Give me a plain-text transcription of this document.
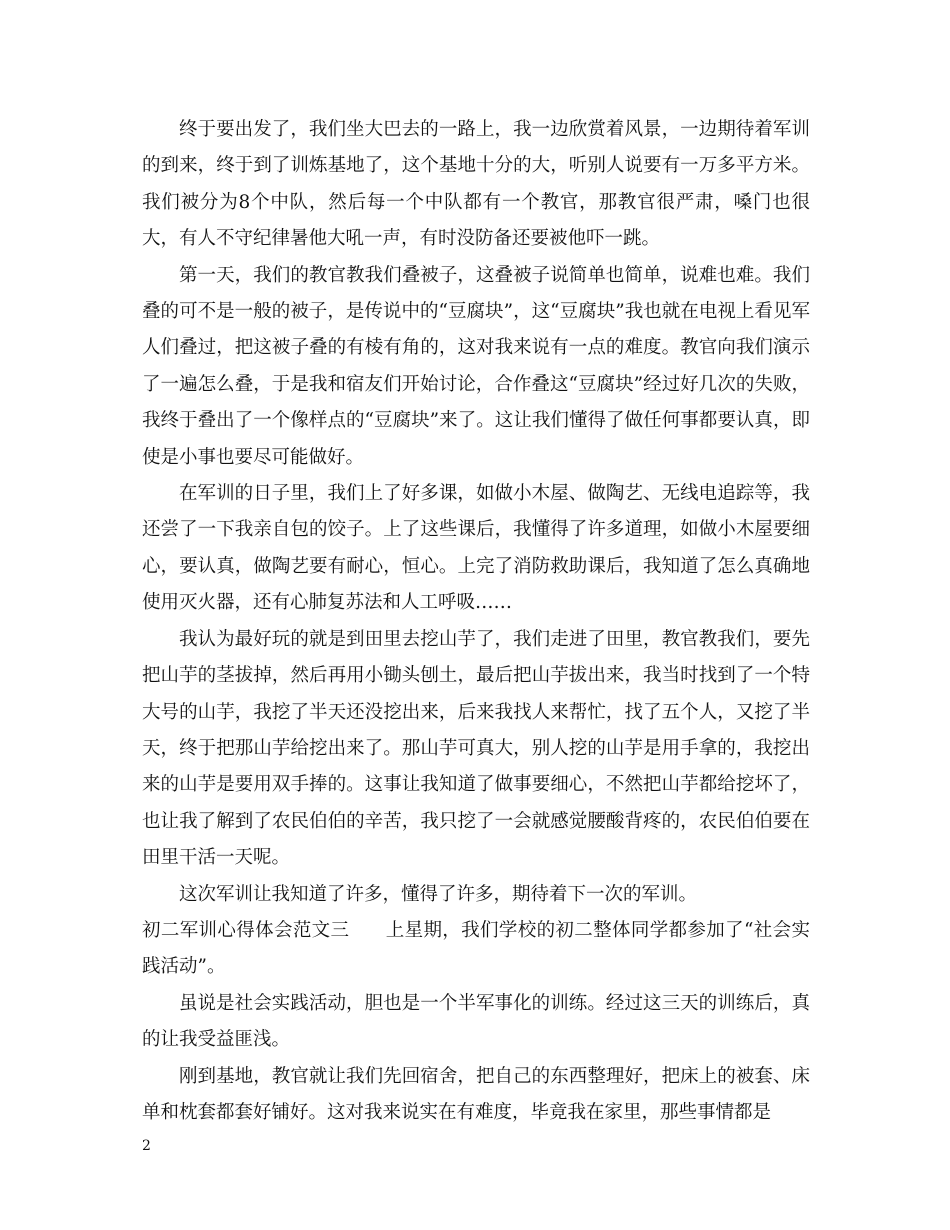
终于要出发了，我们坐大巴去的一路上，我一边欣赏着风景，一边期待着军训的到来，终于到了训炼基地了，这个基地十分的大，听别人说要有一万多平方米。我们被分为8个中队，然后每一个中队都有一个教官，那教官很严肃，嗓门也很大，有人不守纪律暑他大吼一声，有时没防备还要被他吓一跳。

第一天，我们的教官教我们叠被子，这叠被子说简单也简单，说难也难。我们叠的可不是一般的被子，是传说中的“豆腐块”，这“豆腐块”我也就在电视上看见军人们叠过，把这被子叠的有棱有角的，这对我来说有一点的难度。教官向我们演示了一遍怎么叠，于是我和宿友们开始讨论，合作叠这“豆腐块”经过好几次的失败，我终于叠出了一个像样点的“豆腐块”来了。这让我们懂得了做任何事都要认真，即使是小事也要尽可能做好。

在军训的日子里，我们上了好多课，如做小木屋、做陶艺、无线电追踪等，我还尝了一下我亲自包的饺子。上了这些课后，我懂得了许多道理，如做小木屋要细心，要认真，做陶艺要有耐心，恒心。上完了消防救助课后，我知道了怎么真确地使用灭火器，还有心肺复苏法和人工呼吸……

我认为最好玩的就是到田里去挖山芋了，我们走进了田里，教官教我们，要先把山芋的茎拔掉，然后再用小锄头刨土，最后把山芋拔出来，我当时找到了一个特大号的山芋，我挖了半天还没挖出来，后来我找人来帮忙，找了五个人，又挖了半天，终于把那山芋给挖出来了。那山芋可真大，别人挖的山芋是用手拿的，我挖出来的山芋是要用双手捧的。这事让我知道了做事要细心，不然把山芋都给挖坏了，也让我了解到了农民伯伯的辛苦，我只挖了一会就感觉腰酸背疼的，农民伯伯要在田里干活一天呢。

这次军训让我知道了许多，懂得了许多，期待着下一次的军训。

初二军训心得体会范文三 上星期，我们学校的初二整体同学都参加了“社会实践活动”。

虽说是社会实践活动，胆也是一个半军事化的训练。经过这三天的训练后，真的让我受益匪浅。

刚到基地，教官就让我们先回宿舍，把自己的东西整理好，把床上的被套、床单和枕套都套好铺好。这对我来说实在有难度，毕竟我在家里，那些事情都是

2
